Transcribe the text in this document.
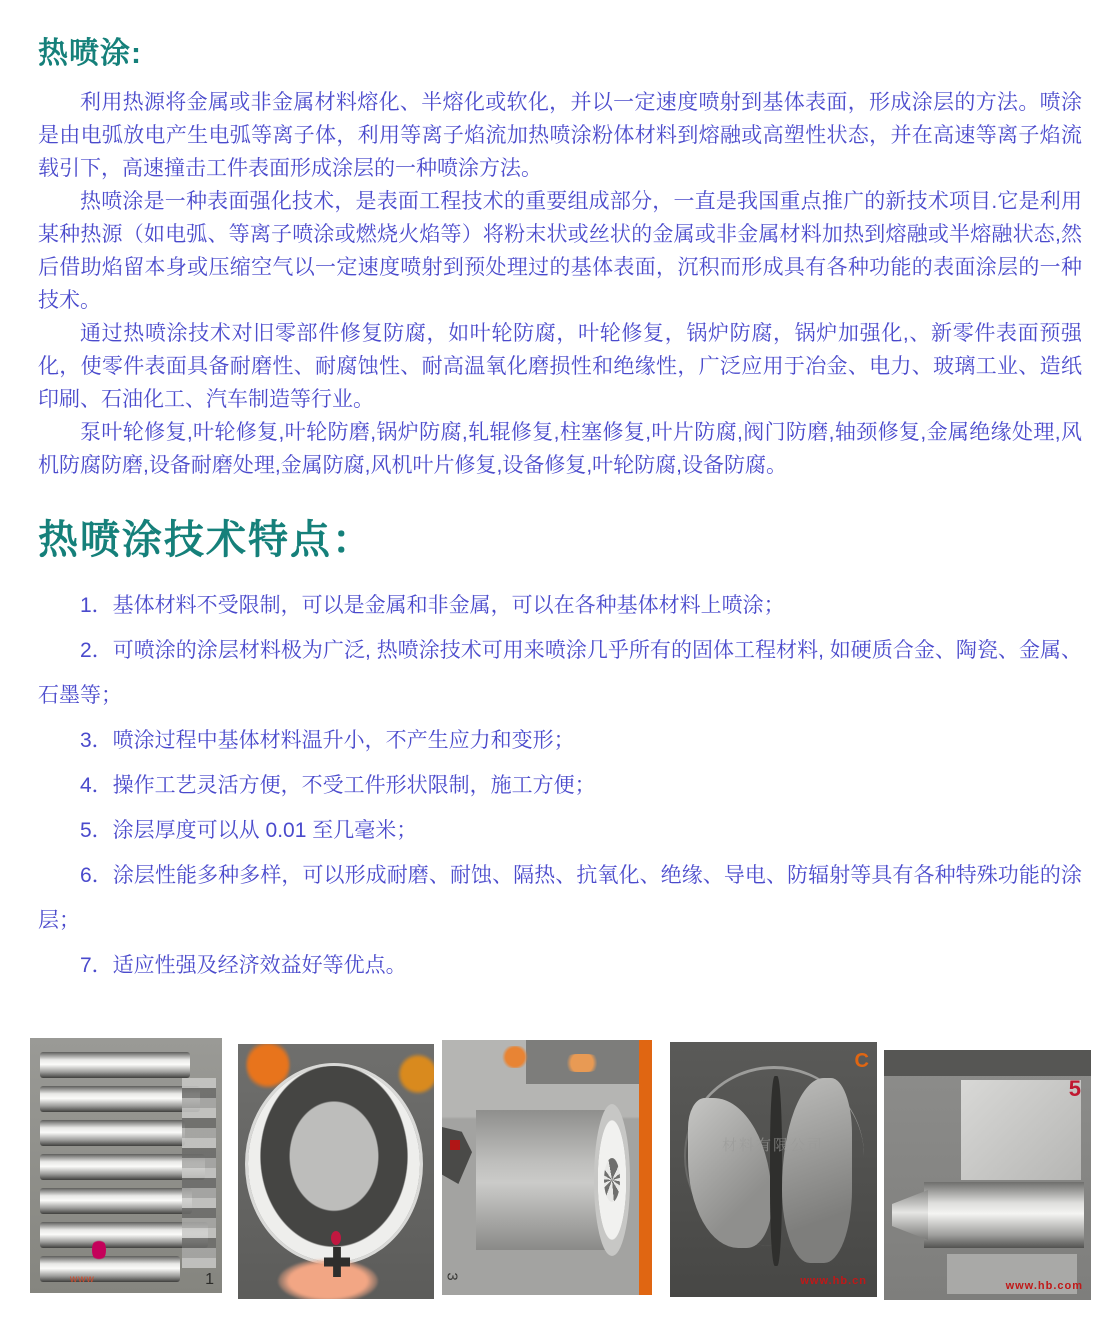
热喷涂:

利用热源将金属或非金属材料熔化、半熔化或软化，并以一定速度喷射到基体表面，形成涂层的方法。喷涂是由电弧放电产生电弧等离子体，利用等离子焰流加热喷涂粉体材料到熔融或高塑性状态，并在高速等离子焰流载引下，高速撞击工件表面形成涂层的一种喷涂方法。

热喷涂是一种表面强化技术，是表面工程技术的重要组成部分，一直是我国重点推广的新技术项目.它是利用某种热源（如电弧、等离子喷涂或燃烧火焰等）将粉末状或丝状的金属或非金属材料加热到熔融或半熔融状态,然后借助焰留本身或压缩空气以一定速度喷射到预处理过的基体表面，沉积而形成具有各种功能的表面涂层的一种技术。

通过热喷涂技术对旧零部件修复防腐，如叶轮防腐，叶轮修复，锅炉防腐，锅炉加强化,、新零件表面预强化，使零件表面具备耐磨性、耐腐蚀性、耐高温氧化磨损性和绝缘性，广泛应用于冶金、电力、玻璃工业、造纸印刷、石油化工、汽车制造等行业。

泵叶轮修复,叶轮修复,叶轮防磨,锅炉防腐,轧辊修复,柱塞修复,叶片防腐,阀门防磨,轴颈修复,金属绝缘处理,风机防腐防磨,设备耐磨处理,金属防腐,风机叶片修复,设备修复,叶轮防腐,设备防腐。

热喷涂技术特点：

1．基体材料不受限制，可以是金属和非金属，可以在各种基体材料上喷涂；

2．可喷涂的涂层材料极为广泛, 热喷涂技术可用来喷涂几乎所有的固体工程材料, 如硬质合金、陶瓷、金属、石墨等；

3．喷涂过程中基体材料温升小，不产生应力和变形；

4．操作工艺灵活方便，不受工件形状限制，施工方便；

5．涂层厚度可以从 0.01 至几毫米；

6．涂层性能多种多样，可以形成耐磨、耐蚀、隔热、抗氧化、绝缘、导电、防辐射等具有各种特殊功能的涂层；

7．适应性强及经济效益好等优点。

www	1	3
材料有限公司
C
www.hb.cn
5
www.hb.com
